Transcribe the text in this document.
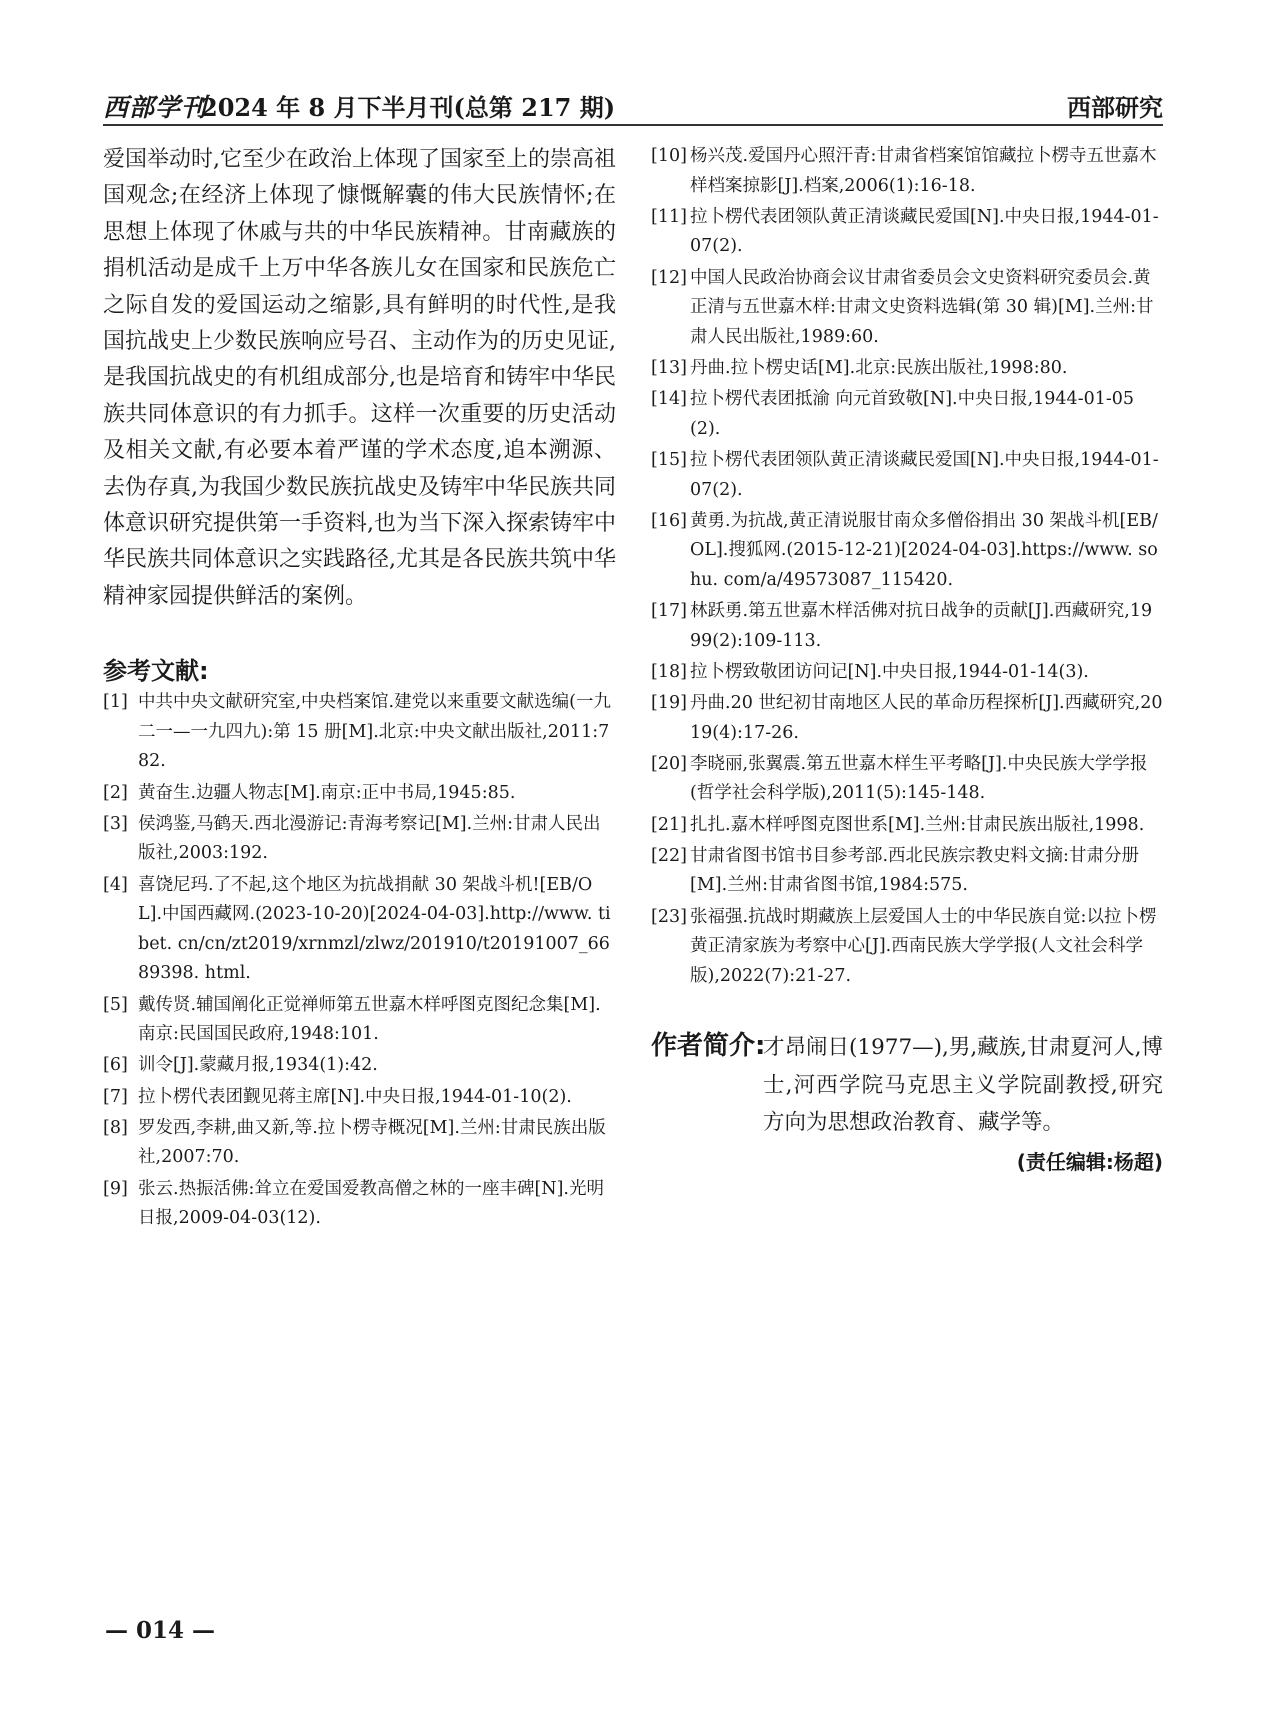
西部学刊
2024 年 8 月下半月刊(总第 217 期)	西部研究

爱国举动时,它至少在政治上体现了国家至上的崇高祖国观念;在经济上体现了慷慨解囊的伟大民族情怀;在思想上体现了休戚与共的中华民族精神。甘南藏族的捐机活动是成千上万中华各族儿女在国家和民族危亡之际自发的爱国运动之缩影,具有鲜明的时代性,是我国抗战史上少数民族响应号召、主动作为的历史见证,是我国抗战史的有机组成部分,也是培育和铸牢中华民族共同体意识的有力抓手。这样一次重要的历史活动及相关文献,有必要本着严谨的学术态度,追本溯源、去伪存真,为我国少数民族抗战史及铸牢中华民族共同体意识研究提供第一手资料,也为当下深入探索铸牢中华民族共同体意识之实践路径,尤其是各民族共筑中华精神家园提供鲜活的案例。

参考文献:
[1] 中共中央文献研究室,中央档案馆.建党以来重要文献选编(一九二一—一九四九):第 15 册[M].北京:中央文献出版社,2011:782.
[2] 黄奋生.边疆人物志[M].南京:正中书局,1945:85.
[3] 侯鸿鉴,马鹤天.西北漫游记:青海考察记[M].兰州:甘肃人民出版社,2003:192.
[4] 喜饶尼玛.了不起,这个地区为抗战捐献 30 架战斗机![EB/OL].中国西藏网.(2023-10-20)[2024-04-03].http://www. tibet. cn/cn/zt2019/xrnmzl/zlwz/201910/t20191007_6689398. html.
[5] 戴传贤.辅国阐化正觉禅师第五世嘉木样呼图克图纪念集[M].南京:民国国民政府,1948:101.
[6] 训令[J].蒙藏月报,1934(1):42.
[7] 拉卜楞代表团觐见蒋主席[N].中央日报,1944-01-10(2).
[8] 罗发西,李耕,曲又新,等.拉卜楞寺概况[M].兰州:甘肃民族出版社,2007:70.
[9] 张云.热振活佛:耸立在爱国爱教高僧之林的一座丰碑[N].光明日报,2009-04-03(12).
[10] 杨兴茂.爱国丹心照汗青:甘肃省档案馆馆藏拉卜楞寺五世嘉木样档案掠影[J].档案,2006(1):16-18.
[11] 拉卜楞代表团领队黄正清谈藏民爱国[N].中央日报,1944-01-07(2).
[12] 中国人民政治协商会议甘肃省委员会文史资料研究委员会.黄正清与五世嘉木样:甘肃文史资料选辑(第 30 辑)[M].兰州:甘肃人民出版社,1989:60.
[13] 丹曲.拉卜楞史话[M].北京:民族出版社,1998:80.
[14] 拉卜楞代表团抵渝 向元首致敬[N].中央日报,1944-01-05(2).
[15] 拉卜楞代表团领队黄正清谈藏民爱国[N].中央日报,1944-01-07(2).
[16] 黄勇.为抗战,黄正清说服甘南众多僧俗捐出 30 架战斗机[EB/OL].搜狐网.(2015-12-21)[2024-04-03].https://www. sohu. com/a/49573087_115420.
[17] 林跃勇.第五世嘉木样活佛对抗日战争的贡献[J].西藏研究,1999(2):109-113.
[18] 拉卜楞致敬团访问记[N].中央日报,1944-01-14(3).
[19] 丹曲.20 世纪初甘南地区人民的革命历程探析[J].西藏研究,2019(4):17-26.
[20] 李晓丽,张翼震.第五世嘉木样生平考略[J].中央民族大学学报(哲学社会科学版),2011(5):145-148.
[21] 扎扎.嘉木样呼图克图世系[M].兰州:甘肃民族出版社,1998.
[22] 甘肃省图书馆书目参考部.西北民族宗教史料文摘:甘肃分册[M].兰州:甘肃省图书馆,1984:575.
[23] 张福强.抗战时期藏族上层爱国人士的中华民族自觉:以拉卜楞黄正清家族为考察中心[J].西南民族大学学报(人文社会科学版),2022(7):21-27.
作者简介:

才昂闹日(1977—),男,藏族,甘肃夏河人,博士,河西学院马克思主义学院副教授,研究方向为思想政治教育、藏学等。

(责任编辑:杨超)
— 014 —
